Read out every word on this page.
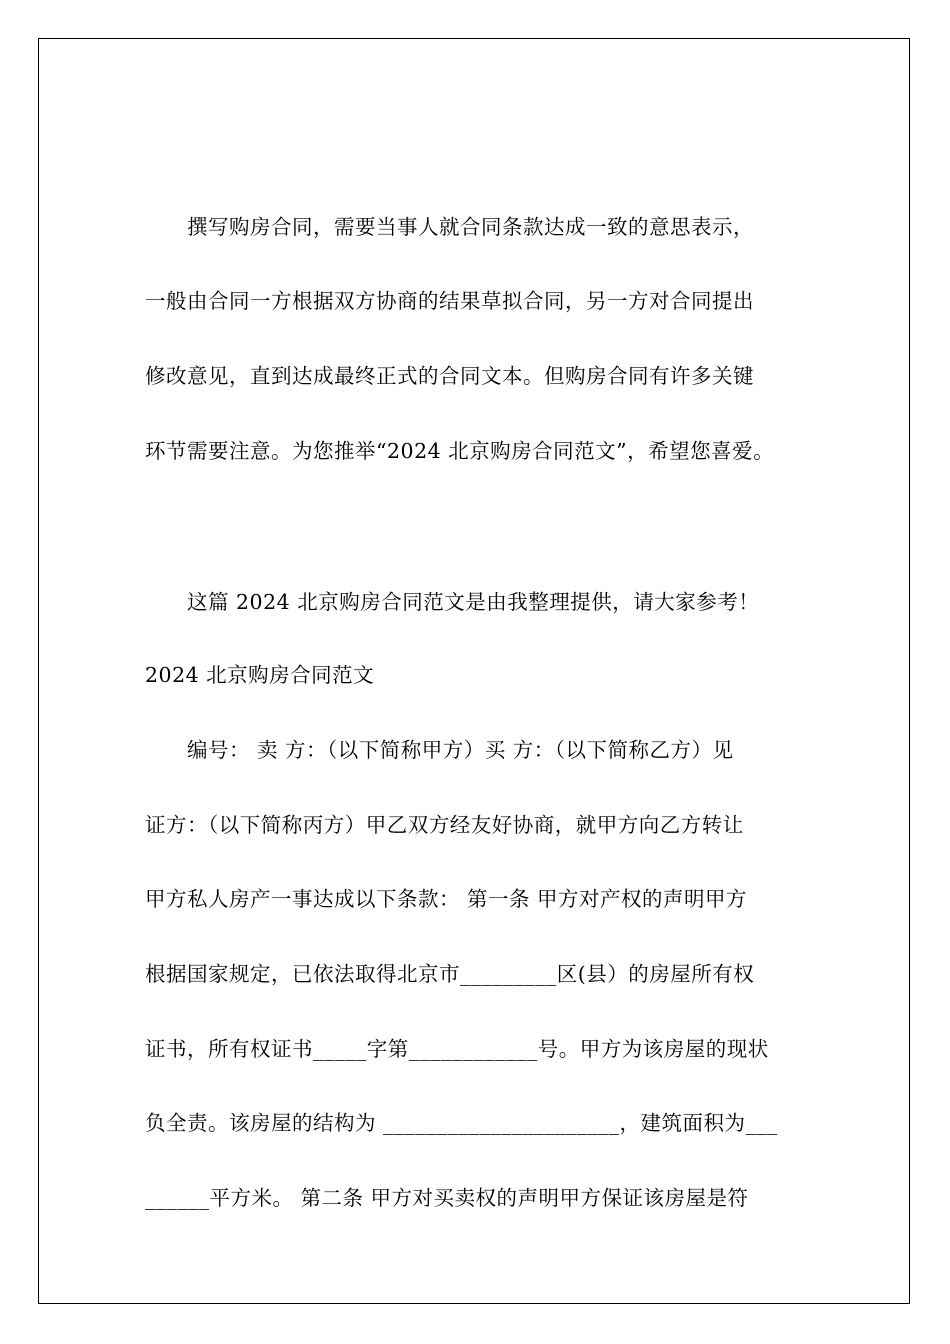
撰写购房合同，需要当事人就合同条款达成一致的意思表示，
一般由合同一方根据双方协商的结果草拟合同，另一方对合同提出
修改意见，直到达成最终正式的合同文本。但购房合同有许多关键
环节需要注意。为您推举“2024 北京购房合同范文”，希望您喜爱。
这篇 2024 北京购房合同范文是由我整理提供，请大家参考！
2024 北京购房合同范文
编号： 卖 方：（以下简称甲方）买 方：（以下简称乙方）见
证方：（以下简称丙方）甲乙双方经友好协商，就甲方向乙方转让
甲方私人房产一事达成以下条款： 第一条 甲方对产权的声明甲方
根据国家规定，已依法取得北京市_________区(县）的房屋所有权
证书，所有权证书_____字第____________号。甲方为该房屋的现状
负全责。该房屋的结构为 ______________________，建筑面积为___
______平方米。 第二条 甲方对买卖权的声明甲方保证该房屋是符
